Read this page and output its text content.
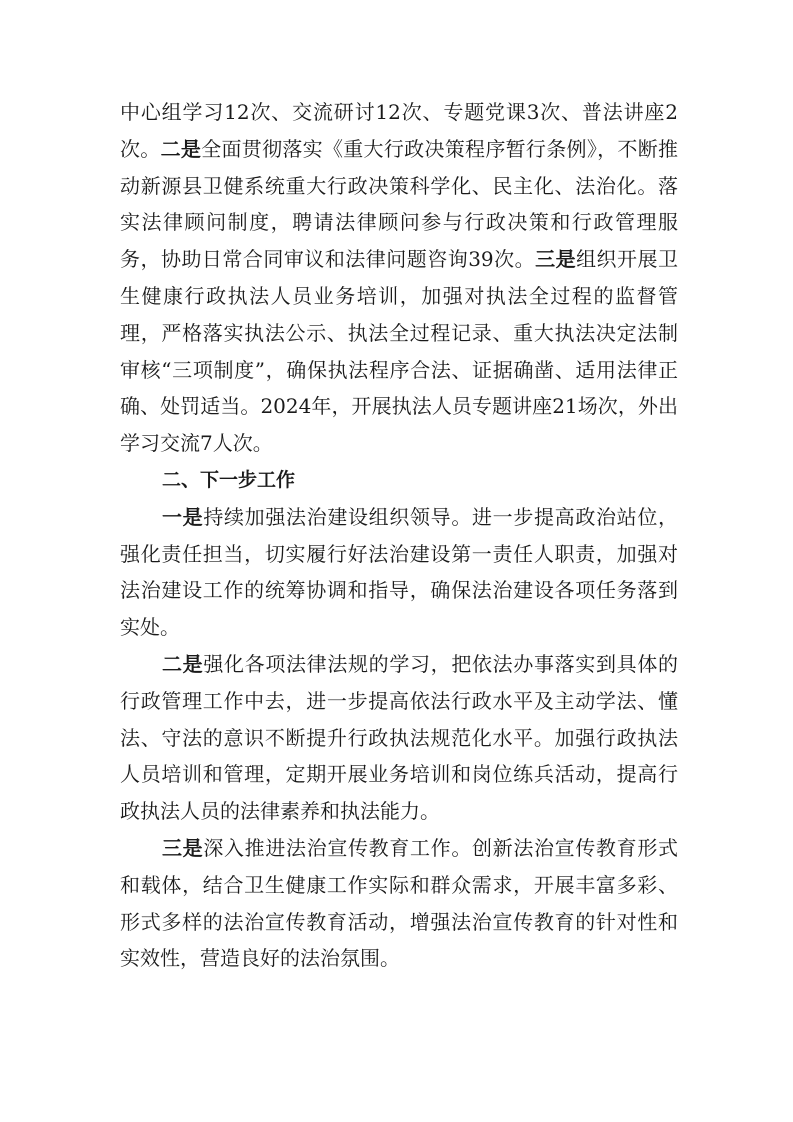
中心组学习12次、交流研讨12次、专题党课3次、普法讲座2次。二是全面贯彻落实《重大行政决策程序暂行条例》，不断推动新源县卫健系统重大行政决策科学化、民主化、法治化。落实法律顾问制度，聘请法律顾问参与行政决策和行政管理服务，协助日常合同审议和法律问题咨询39次。三是组织开展卫生健康行政执法人员业务培训，加强对执法全过程的监督管理，严格落实执法公示、执法全过程记录、重大执法决定法制审核“三项制度”，确保执法程序合法、证据确凿、适用法律正确、处罚适当。2024年，开展执法人员专题讲座21场次，外出学习交流7人次。

二、下一步工作

一是持续加强法治建设组织领导。进一步提高政治站位，强化责任担当，切实履行好法治建设第一责任人职责，加强对法治建设工作的统筹协调和指导，确保法治建设各项任务落到实处。

二是强化各项法律法规的学习，把依法办事落实到具体的行政管理工作中去，进一步提高依法行政水平及主动学法、懂法、守法的意识不断提升行政执法规范化水平。加强行政执法人员培训和管理，定期开展业务培训和岗位练兵活动，提高行政执法人员的法律素养和执法能力。

三是深入推进法治宣传教育工作。创新法治宣传教育形式和载体，结合卫生健康工作实际和群众需求，开展丰富多彩、形式多样的法治宣传教育活动，增强法治宣传教育的针对性和实效性，营造良好的法治氛围。
